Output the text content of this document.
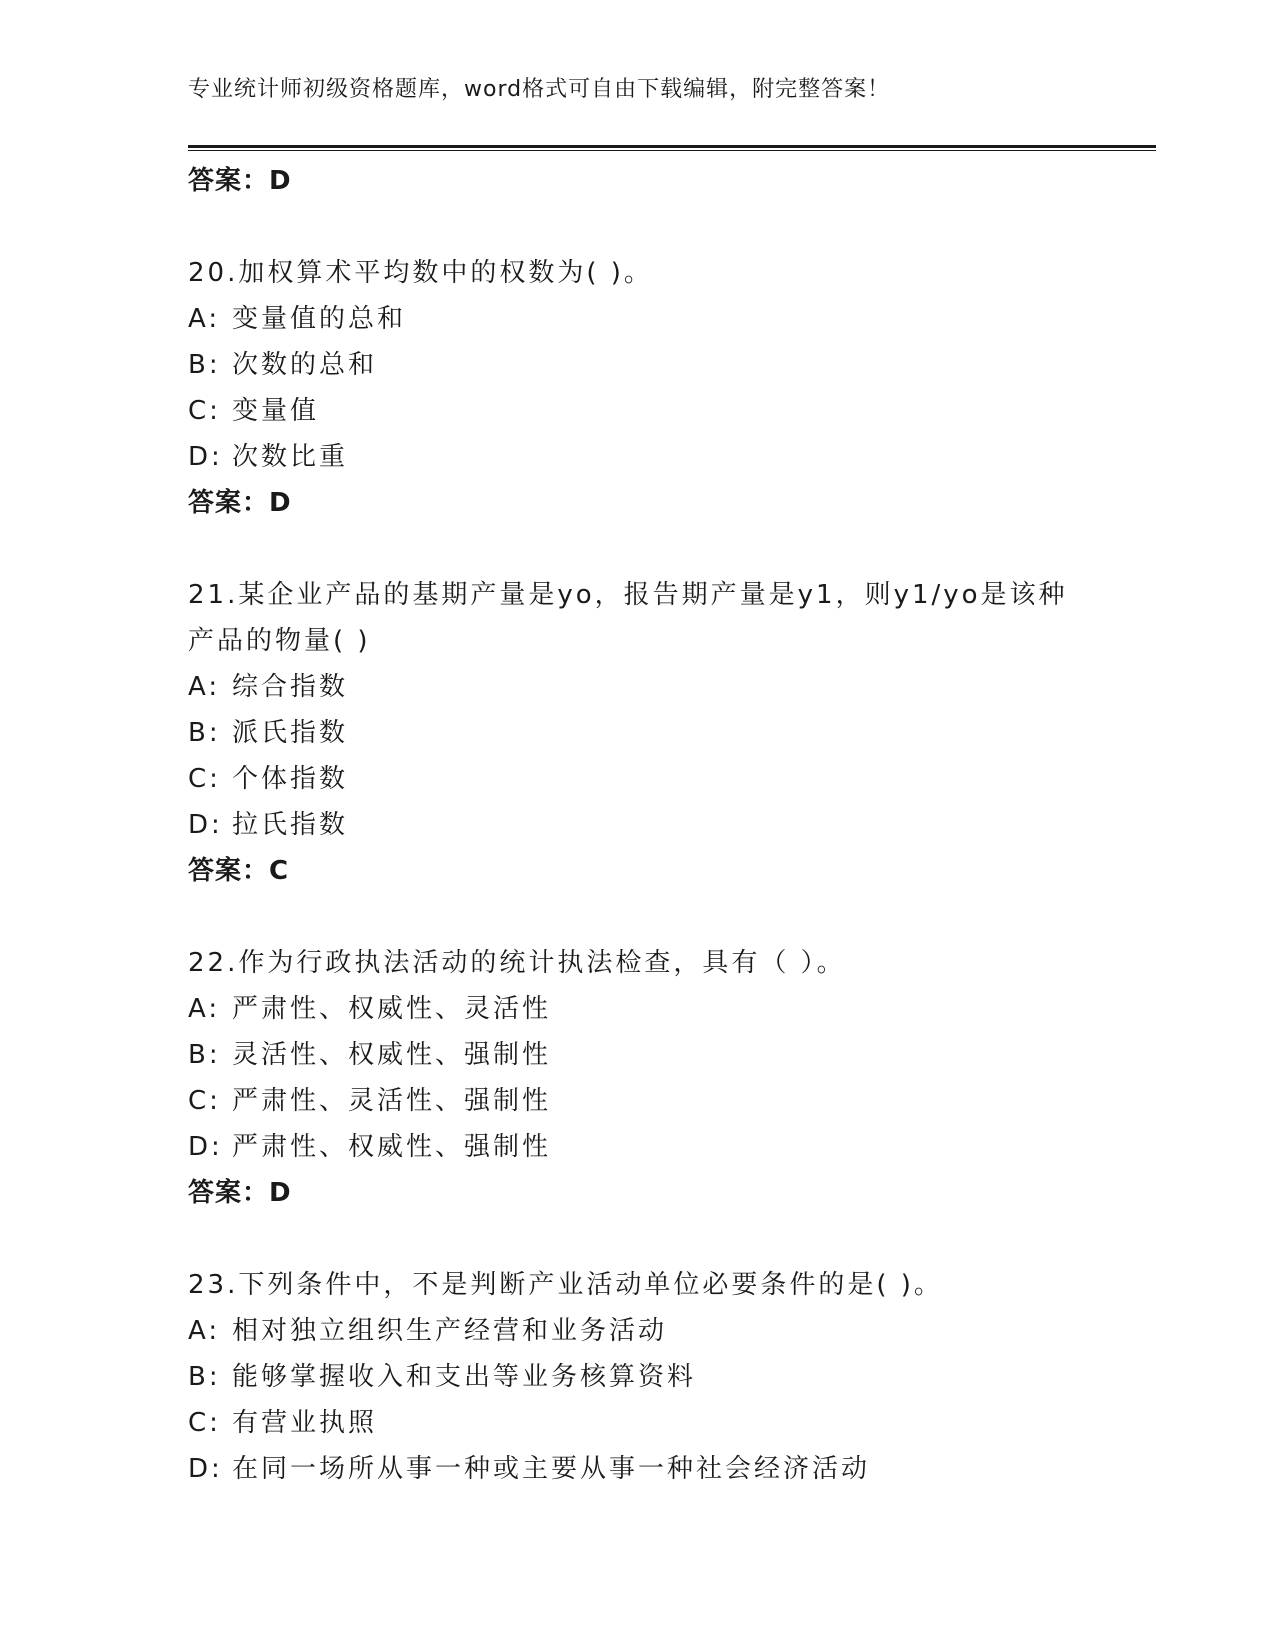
专业统计师初级资格题库，word格式可自由下载编辑，附完整答案！
答案：D
20.加权算术平均数中的权数为( )。
A: 变量值的总和
B: 次数的总和
C: 变量值
D: 次数比重
答案：D
21.某企业产品的基期产量是yo，报告期产量是y1，则y1/yo是该种
产品的物量( )
A: 综合指数
B: 派氏指数
C: 个体指数
D: 拉氏指数
答案：C
22.作为行政执法活动的统计执法检查，具有（ ）。
A: 严肃性、权威性、灵活性
B: 灵活性、权威性、强制性
C: 严肃性、灵活性、强制性
D: 严肃性、权威性、强制性
答案：D
23.下列条件中，不是判断产业活动单位必要条件的是( )。
A: 相对独立组织生产经营和业务活动
B: 能够掌握收入和支出等业务核算资料
C: 有营业执照
D: 在同一场所从事一种或主要从事一种社会经济活动
